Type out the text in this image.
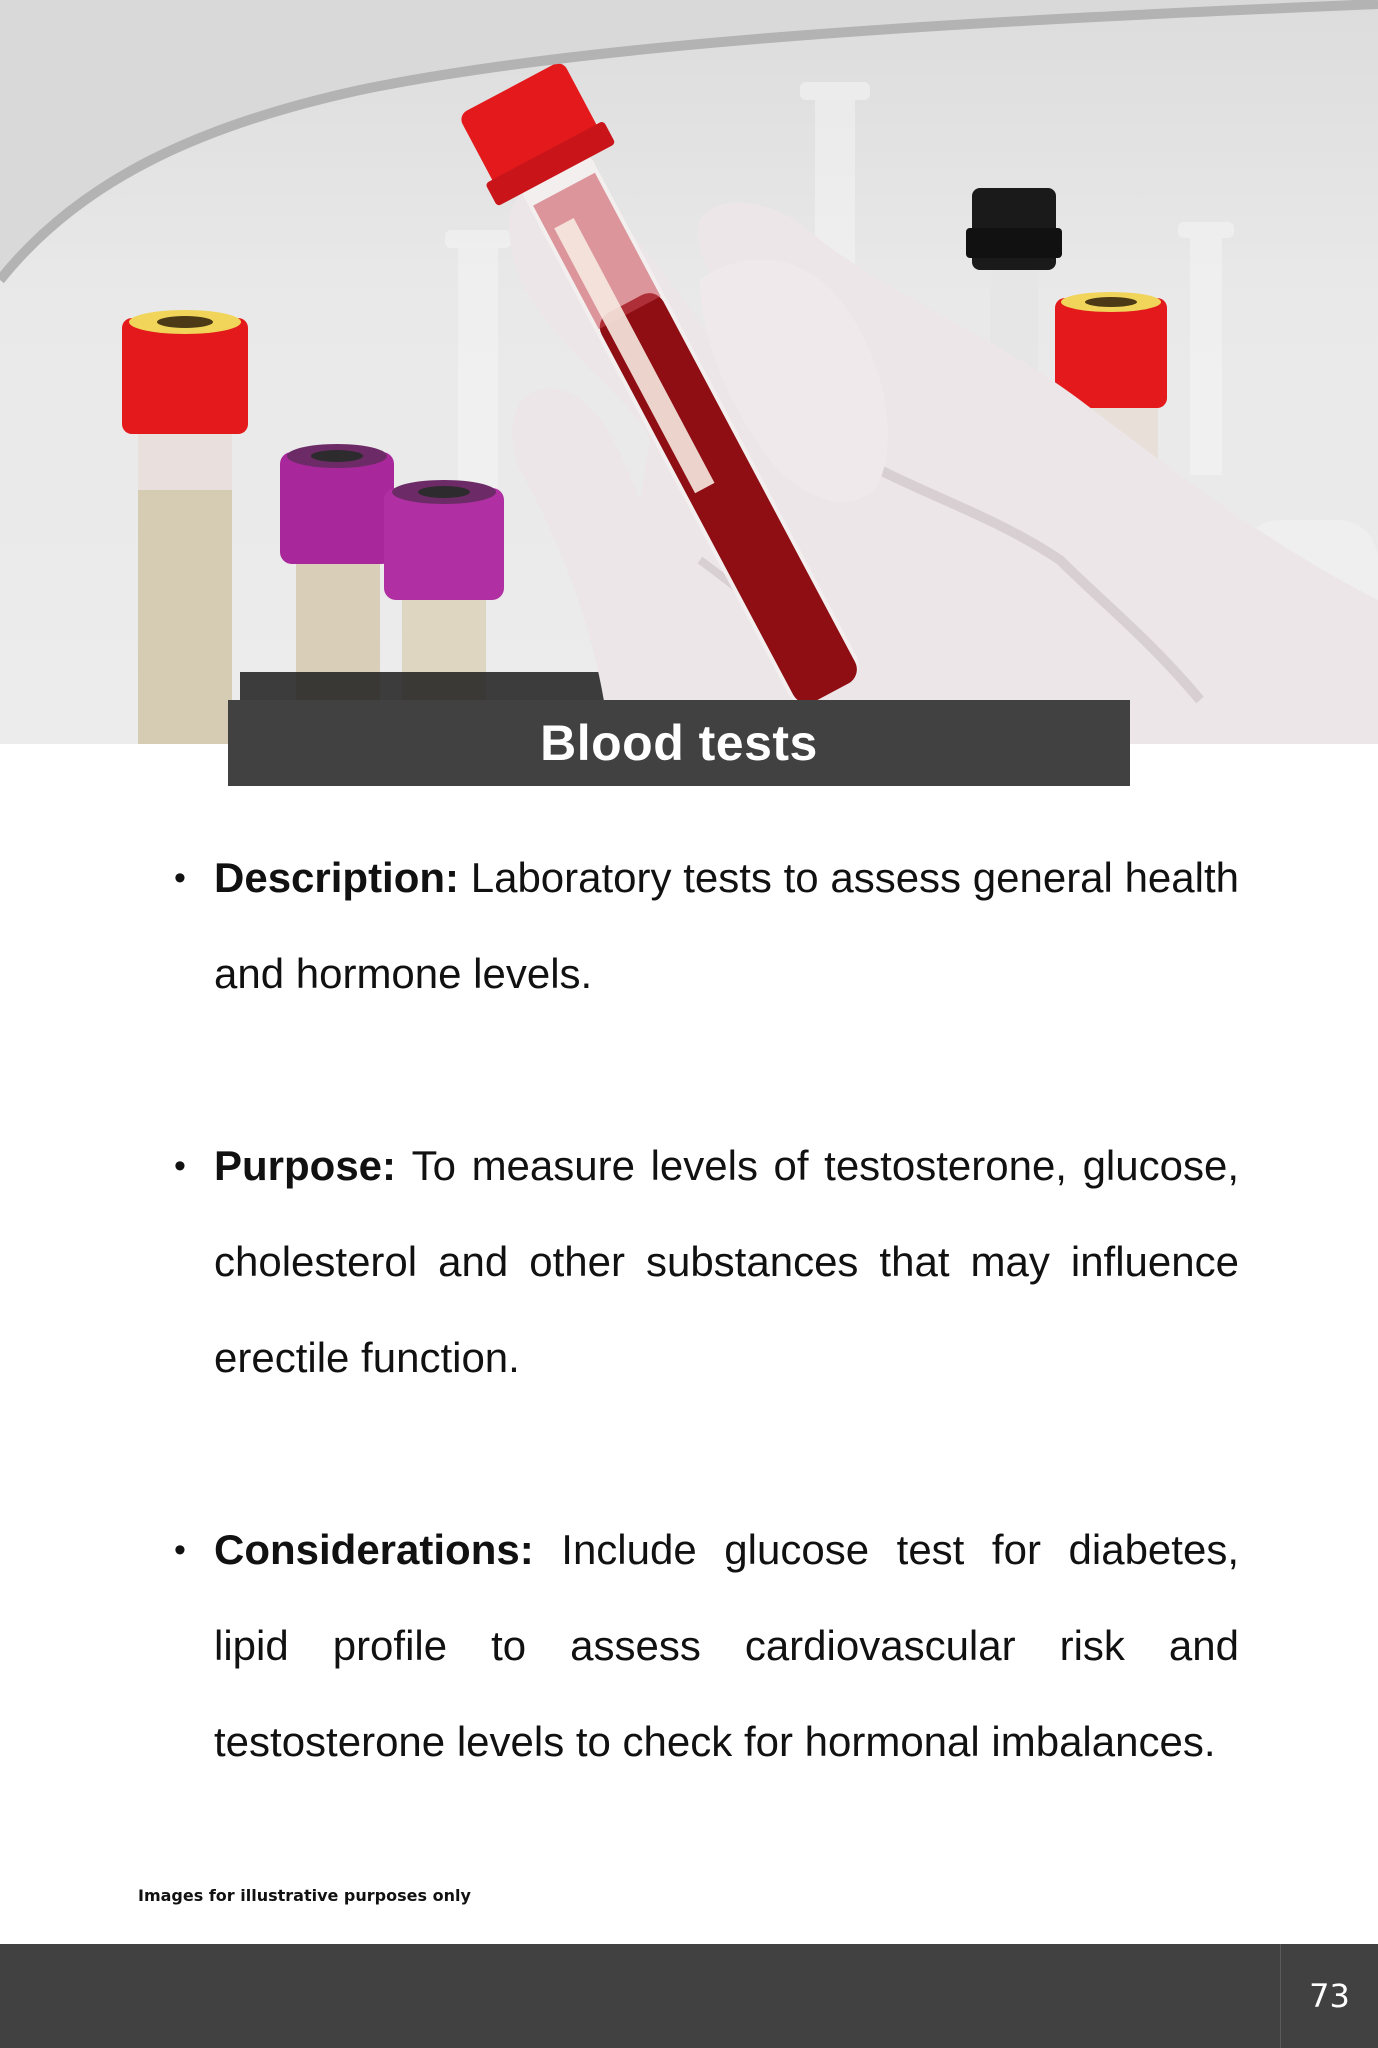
Blood tests

• Description: Laboratory tests to assess general health and hormone levels.

• Purpose: To measure levels of testosterone, glucose, cholesterol and other substances that may influence erectile function.

• Considerations: Include glucose test for diabetes, lipid profile to assess cardiovascular risk and testosterone levels to check for hormonal imbalances.

Images for illustrative purposes only
73
